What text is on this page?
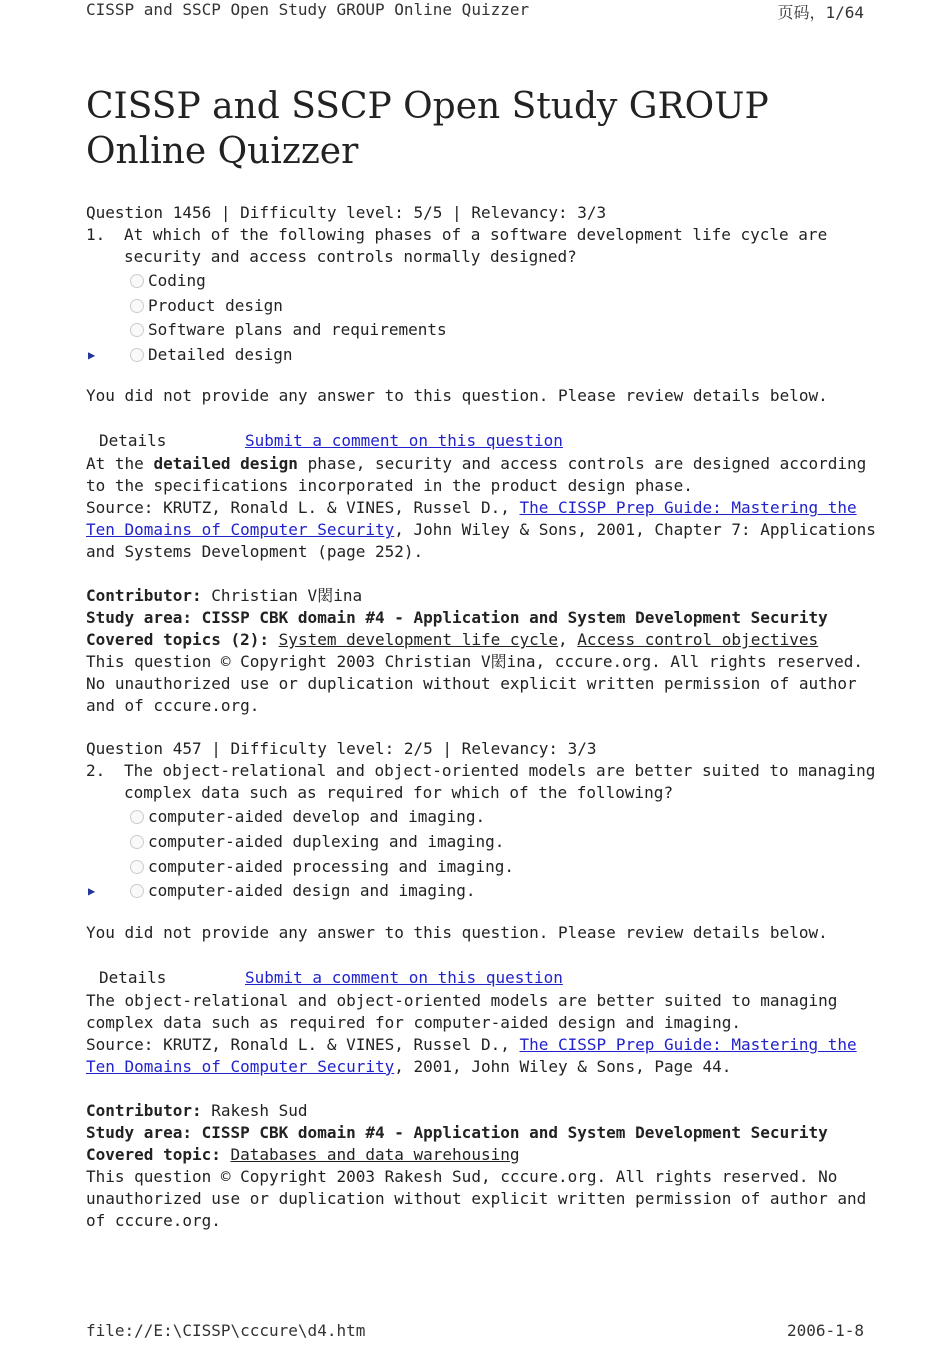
CISSP and SSCP Open Study GROUP Online Quizzer	页码，1/64
CISSP and SSCP Open Study GROUP Online Quizzer
Question 1456 | Difficulty level: 5/5 | Relevancy: 3/3
1.	At which of the following phases of a software development life cycle are security and access controls normally designed?
Coding
Product design
Software plans and requirements
▶	Detailed design
You did not provide any answer to this question. Please review details below.
Details	Submit a comment on this question
At the detailed design phase, security and access controls are designed according to the specifications incorporated in the product design phase.
Source: KRUTZ, Ronald L. & VINES, Russel D., The CISSP Prep Guide: Mastering the Ten Domains of Computer Security, John Wiley & Sons, 2001, Chapter 7: Applications and Systems Development (page 252).
Contributor: Christian V閎ina
Study area: CISSP CBK domain #4 - Application and System Development Security
Covered topics (2): System development life cycle, Access control objectives
This question © Copyright 2003 Christian V閎ina, cccure.org. All rights reserved. No unauthorized use or duplication without explicit written permission of author and of cccure.org.
Question 457 | Difficulty level: 2/5 | Relevancy: 3/3
2.	The object-relational and object-oriented models are better suited to managing complex data such as required for which of the following?
computer-aided develop and imaging.
computer-aided duplexing and imaging.
computer-aided processing and imaging.
▶	computer-aided design and imaging.
You did not provide any answer to this question. Please review details below.
Details	Submit a comment on this question
The object-relational and object-oriented models are better suited to managing complex data such as required for computer-aided design and imaging.
Source: KRUTZ, Ronald L. & VINES, Russel D., The CISSP Prep Guide: Mastering the Ten Domains of Computer Security, 2001, John Wiley & Sons, Page 44.
Contributor: Rakesh Sud
Study area: CISSP CBK domain #4 - Application and System Development Security
Covered topic: Databases and data warehousing
This question © Copyright 2003 Rakesh Sud, cccure.org. All rights reserved. No unauthorized use or duplication without explicit written permission of author and of cccure.org.
file://E:\CISSP\cccure\d4.htm	2006-1-8
